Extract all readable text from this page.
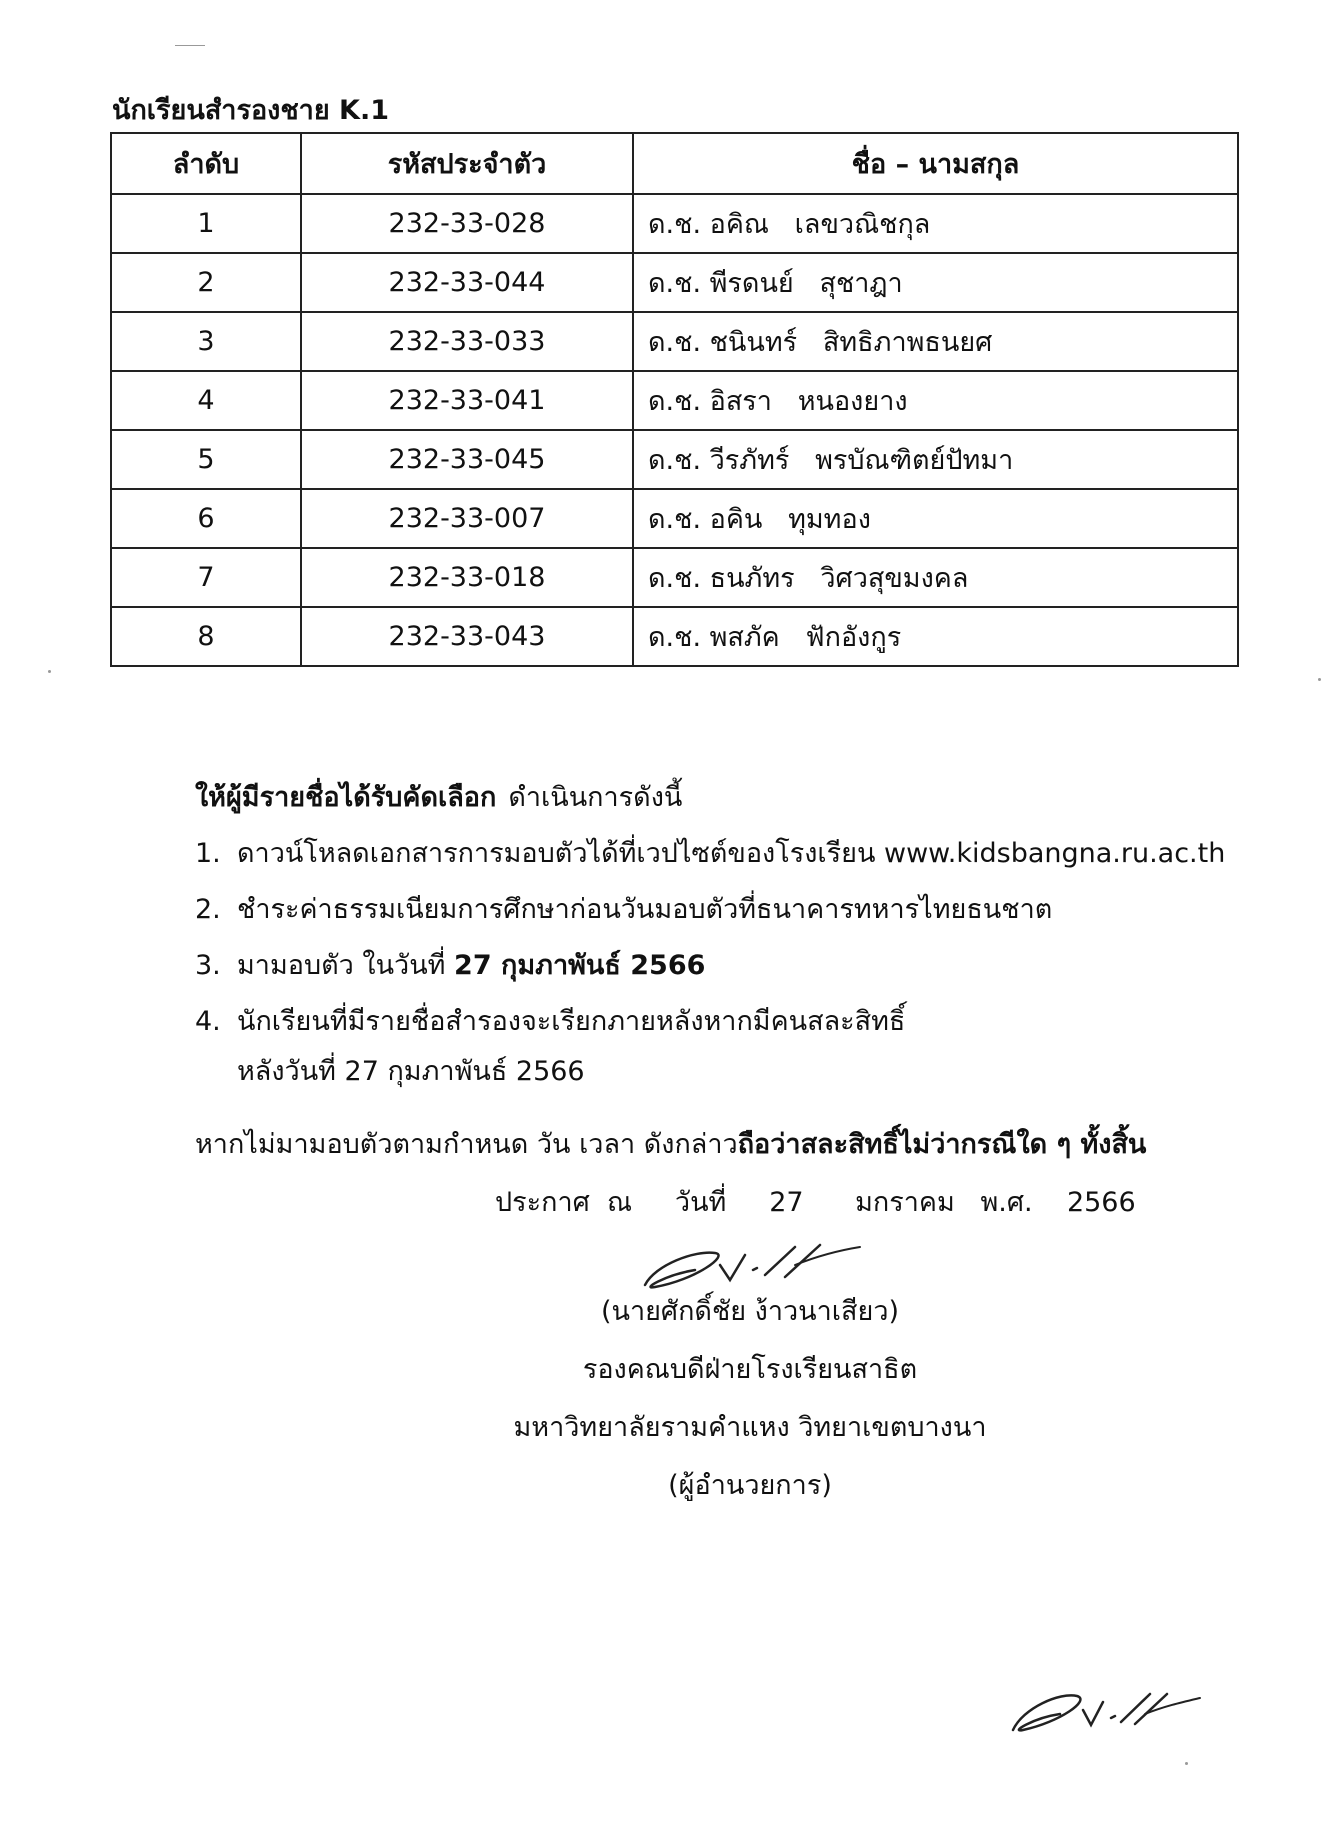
นักเรียนสำรองชาย K.1
ลำดับ	รหัสประจำตัว	ชื่อ – นามสกุล
1	232-33-028	ด.ช. อคิณ   เลขวณิชกุล
2	232-33-044	ด.ช. พีรดนย์   สุชาฎา
3	232-33-033	ด.ช. ชนินทร์   สิทธิภาพธนยศ
4	232-33-041	ด.ช. อิสรา   หนองยาง
5	232-33-045	ด.ช. วีรภัทร์   พรบัณฑิตย์ปัทมา
6	232-33-007	ด.ช. อคิน   ทุมทอง
7	232-33-018	ด.ช. ธนภัทร   วิศวสุขมงคล
8	232-33-043	ด.ช. พสภัค   ฟักอังกูร
ให้ผู้มีรายชื่อได้รับคัดเลือก ดำเนินการดังนี้
1. ดาวน์โหลดเอกสารการมอบตัวได้ที่เวปไซต์ของโรงเรียน www.kidsbangna.ru.ac.th
2. ชำระค่าธรรมเนียมการศึกษาก่อนวันมอบตัวที่ธนาคารทหารไทยธนชาต
3. มามอบตัว ในวันที่ 27 กุมภาพันธ์ 2566
4. นักเรียนที่มีรายชื่อสำรองจะเรียกภายหลังหากมีคนสละสิทธิ์
หลังวันที่ 27 กุมภาพันธ์ 2566
หากไม่มามอบตัวตามกำหนด วัน เวลา ดังกล่าวถือว่าสละสิทธิ์ไม่ว่ากรณีใด ๆ ทั้งสิ้น
ประกาศ  ณ     วันที่     27      มกราคม   พ.ศ.    2566
(นายศักดิ์ชัย ง้าวนาเสียว)
รองคณบดีฝ่ายโรงเรียนสาธิต
มหาวิทยาลัยรามคำแหง วิทยาเขตบางนา
(ผู้อำนวยการ)
